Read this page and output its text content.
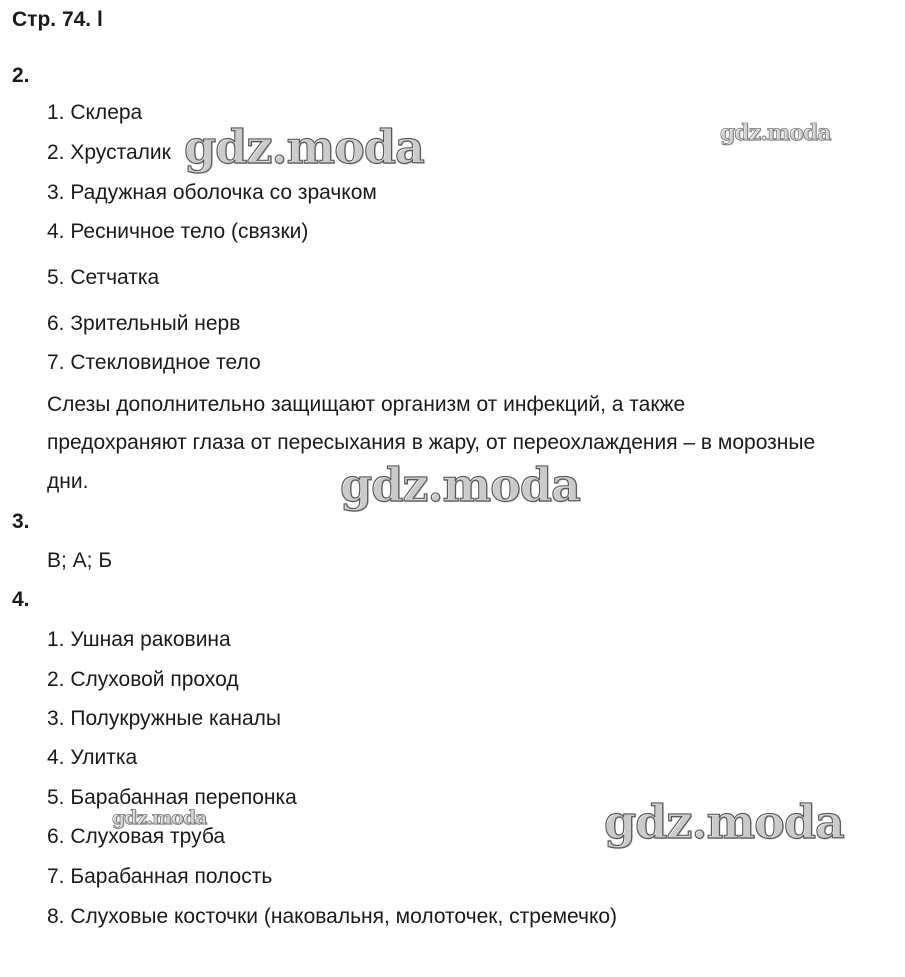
Стр. 74. l
2.
1. Склера
2. Хрусталик
3. Радужная оболочка со зрачком
4. Ресничное тело (связки)
5. Сетчатка
6. Зрительный нерв
7. Стекловидное тело
Слезы дополнительно защищают организм от инфекций, а также
предохраняют глаза от пересыхания в жару, от переохлаждения – в морозные
дни.
3.
В; А; Б
4.
1. Ушная раковина
2. Слуховой проход
3. Полукружные каналы
4. Улитка
5. Барабанная перепонка
6. Слуховая труба
7. Барабанная полость
8. Слуховые косточки (наковальня, молоточек, стремечко)
gdz.moda	gdz.moda
gdz.moda
gdz.moda
gdz.moda
